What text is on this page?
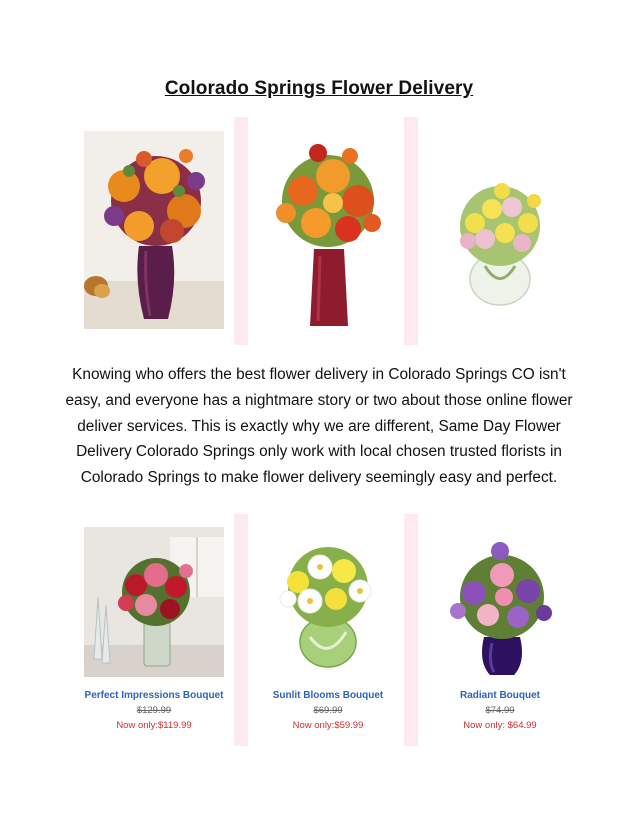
Colorado Springs Flower Delivery
Knowing who offers the best flower delivery in Colorado Springs CO isn't easy, and everyone has a nightmare story or two about those online flower deliver services. This is exactly why we are different, Same Day Flower Delivery Colorado Springs only work with local chosen trusted florists in Colorado Springs to make flower delivery seemingly easy and perfect.
Perfect Impressions Bouquet
$129.99
Now only:$119.99
Sunlit Blooms Bouquet
$69.99
Now only:$59.99
Radiant Bouquet
$74.99
Now only: $64.99
